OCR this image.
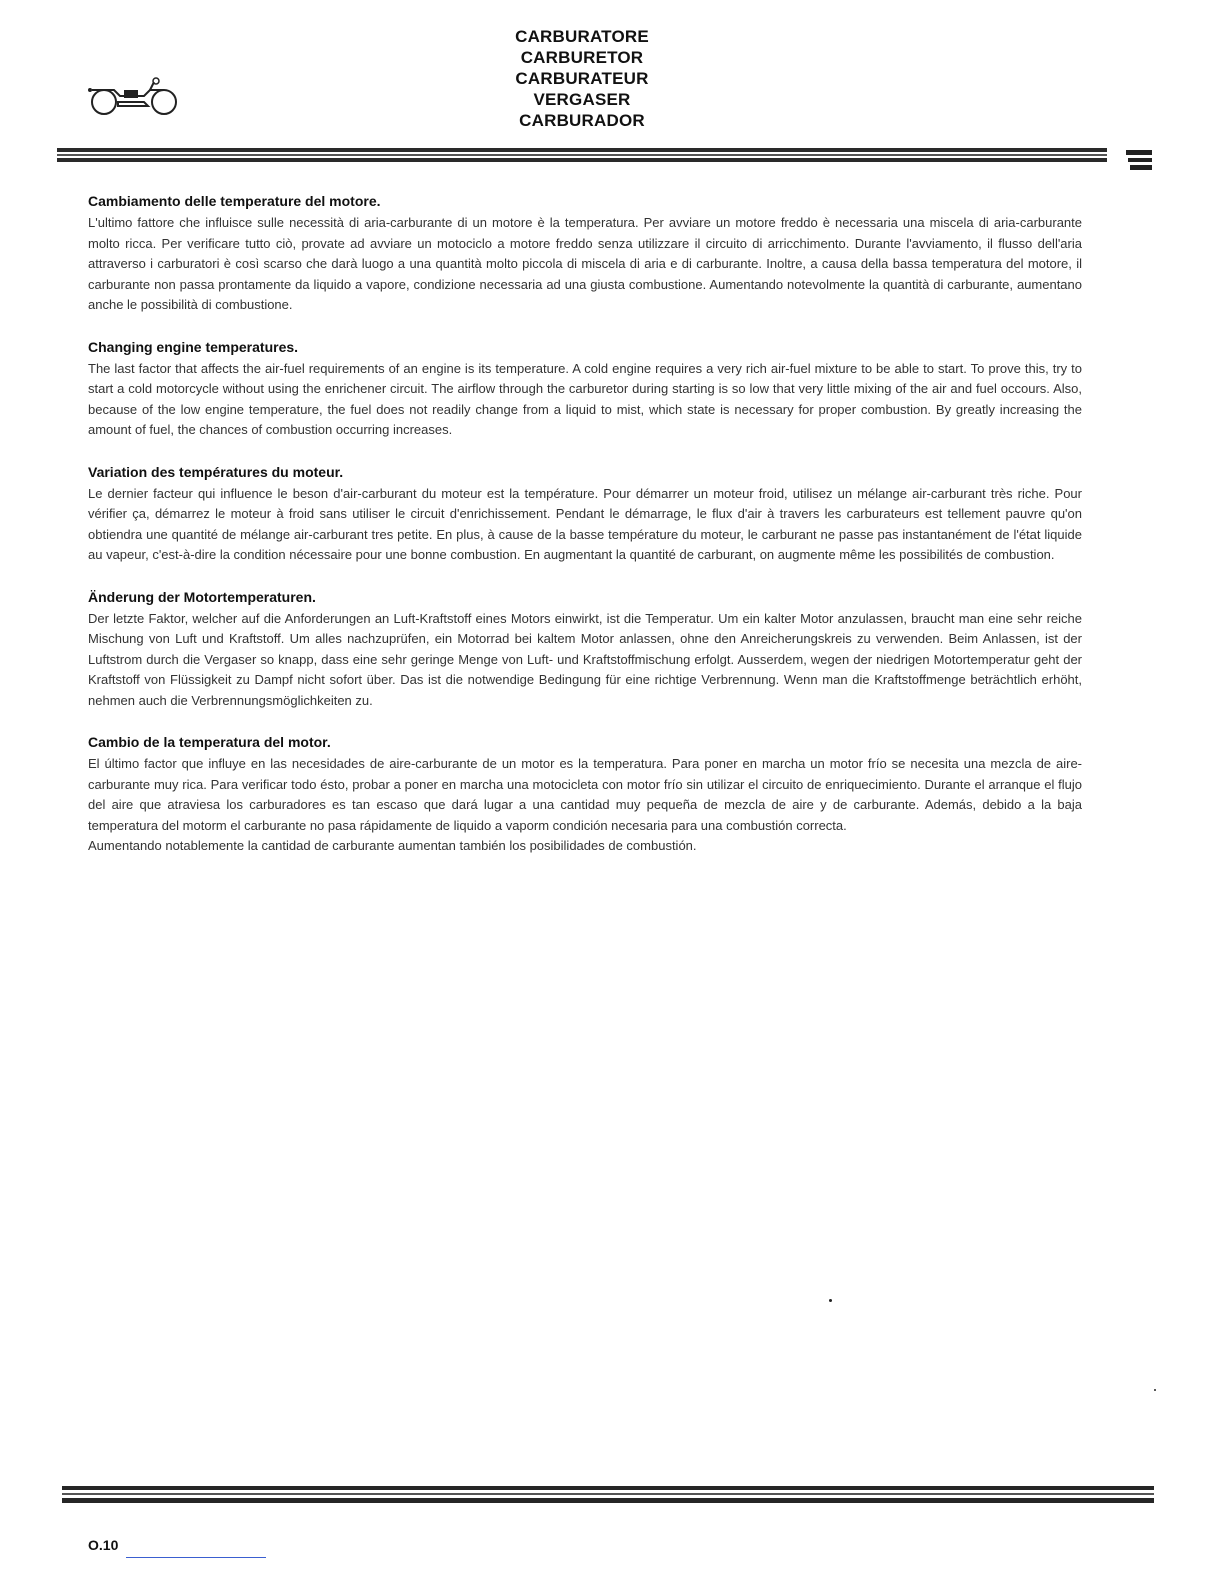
CARBURATORE
CARBURETOR
CARBURATEUR
VERGASER
CARBURADOR
Cambiamento delle temperature del motore.

L'ultimo fattore che influisce sulle necessità di aria-carburante di un motore è la temperatura. Per avviare un motore freddo è necessaria una miscela di aria-carburante molto ricca. Per verificare tutto ciò, provate ad avviare un motociclo a motore freddo senza utilizzare il circuito di arricchimento. Durante l'avviamento, il flusso dell'aria attraverso i carburatori è così scarso che darà luogo a una quantità molto piccola di miscela di aria e di carburante. Inoltre, a causa della bassa temperatura del motore, il carburante non passa prontamente da liquido a vapore, condizione necessaria ad una giusta combustione. Aumentando notevolmente la quantità di carburante, aumentano anche le possibilità di combustione.

Changing engine temperatures.

The last factor that affects the air-fuel requirements of an engine is its temperature. A cold engine requires a very rich air-fuel mixture to be able to start. To prove this, try to start a cold motorcycle without using the enrichener circuit. The airflow through the carburetor during starting is so low that very little mixing of the air and fuel occours. Also, because of the low engine temperature, the fuel does not readily change from a liquid to mist, which state is necessary for proper combustion. By greatly increasing the amount of fuel, the chances of combustion occurring increases.

Variation des températures du moteur.

Le dernier facteur qui influence le beson d'air-carburant du moteur est la température. Pour démarrer un moteur froid, utilisez un mélange air-carburant très riche. Pour vérifier ça, démarrez le moteur à froid sans utiliser le circuit d'enrichissement. Pendant le démarrage, le flux d'air à travers les carburateurs est tellement pauvre qu'on obtiendra une quantité de mélange air-carburant tres petite. En plus, à cause de la basse température du moteur, le carburant ne passe pas instantanément de l'état liquide au vapeur, c'est-à-dire la condition nécessaire pour une bonne combustion. En augmentant la quantité de carburant, on augmente même les possibilités de combustion.

Änderung der Motortemperaturen.

Der letzte Faktor, welcher auf die Anforderungen an Luft-Kraftstoff eines Motors einwirkt, ist die Temperatur. Um ein kalter Motor anzulassen, braucht man eine sehr reiche Mischung von Luft und Kraftstoff. Um alles nachzuprüfen, ein Motorrad bei kaltem Motor anlassen, ohne den Anreicherungskreis zu verwenden. Beim Anlassen, ist der Luftstrom durch die Vergaser so knapp, dass eine sehr geringe Menge von Luft- und Kraftstoffmischung erfolgt. Ausserdem, wegen der niedrigen Motortemperatur geht der Kraftstoff von Flüssigkeit zu Dampf nicht sofort über. Das ist die notwendige Bedingung für eine richtige Verbrennung. Wenn man die Kraftstoffmenge beträchtlich erhöht, nehmen auch die Verbrennungsmöglichkeiten zu.

Cambio de la temperatura del motor.

El último factor que influye en las necesidades de aire-carburante de un motor es la temperatura. Para poner en marcha un motor frío se necesita una mezcla de aire-carburante muy rica. Para verificar todo ésto, probar a poner en marcha una motocicleta con motor frío sin utilizar el circuito de enriquecimiento. Durante el arranque el flujo del aire que atraviesa los carburadores es tan escaso que dará lugar a una cantidad muy pequeña de mezcla de aire y de carburante. Además, debido a la baja temperatura del motorm el carburante no pasa rápidamente de liquido a vaporm condición necesaria para una combustión correcta.

Aumentando notablemente la cantidad de carburante aumentan también los posibilidades de combustión.

O.10
